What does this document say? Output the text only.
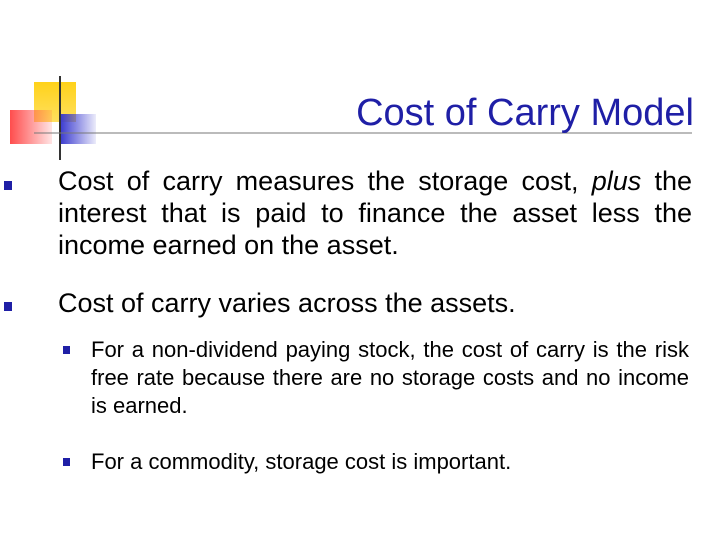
Cost of Carry Model
Cost of carry measures the storage cost, plus the interest that is paid to finance the asset less the income earned on the asset.
Cost of carry varies across the assets.
For a non-dividend paying stock, the cost of carry is the risk free rate because there are no storage costs and no income is earned.
For a commodity, storage cost is important.
